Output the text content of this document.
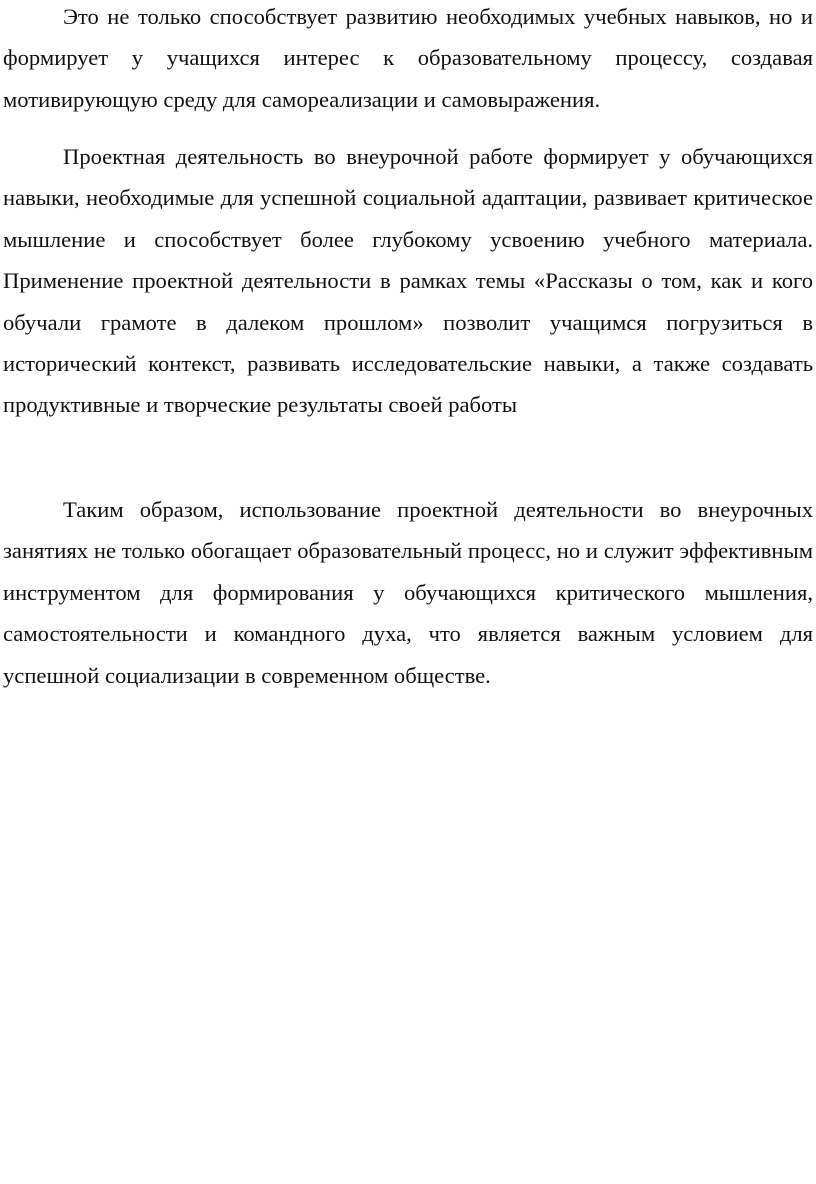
Это не только способствует развитию необходимых учебных навыков, но и формирует у учащихся интерес к образовательному процессу, создавая мотивирующую среду для самореализации и самовыражения.

Проектная деятельность во внеурочной работе формирует у обучающихся навыки, необходимые для успешной социальной адаптации, развивает критическое мышление и способствует более глубокому усвоению учебного материала. Применение проектной деятельности в рамках темы «Рассказы о том, как и кого обучали грамоте в далеком прошлом» позволит учащимся погрузиться в исторический контекст, развивать исследовательские навыки, а также создавать продуктивные и творческие результаты своей работы

Таким образом, использование проектной деятельности во внеурочных занятиях не только обогащает образовательный процесс, но и служит эффективным инструментом для формирования у обучающихся критического мышления, самостоятельности и командного духа, что является важным условием для успешной социализации в современном обществе.
